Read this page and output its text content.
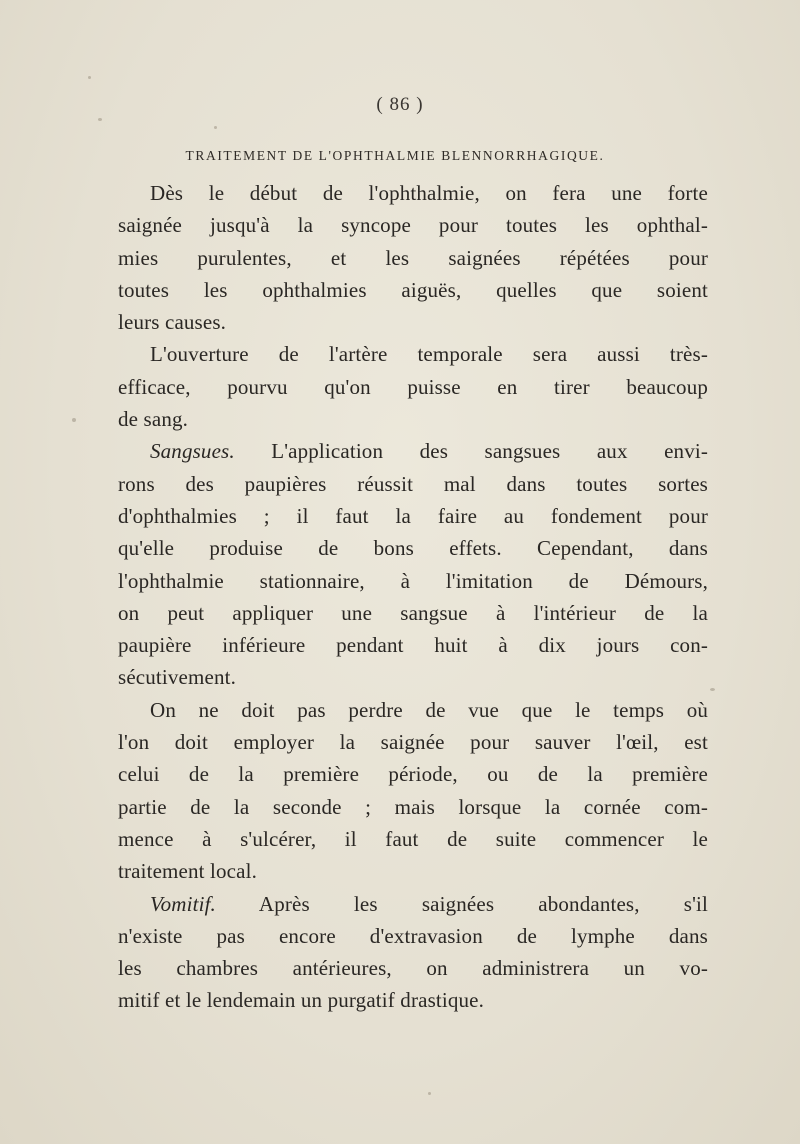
( 86 )
TRAITEMENT DE L'OPHTHALMIE BLENNORRHAGIQUE.
Dès le début de l'ophthalmie, on fera une forte
saignée jusqu'à la syncope pour toutes les ophthal-
mies purulentes, et les saignées répétées pour
toutes les ophthalmies aiguës, quelles que soient
leurs causes.
L'ouverture de l'artère temporale sera aussi très-
efficace, pourvu qu'on puisse en tirer beaucoup
de sang.
Sangsues. L'application des sangsues aux envi-
rons des paupières réussit mal dans toutes sortes
d'ophthalmies ; il faut la faire au fondement pour
qu'elle produise de bons effets. Cependant, dans
l'ophthalmie stationnaire, à l'imitation de Démours,
on peut appliquer une sangsue à l'intérieur de la
paupière inférieure pendant huit à dix jours con-
sécutivement.
On ne doit pas perdre de vue que le temps où
l'on doit employer la saignée pour sauver l'œil, est
celui de la première période, ou de la première
partie de la seconde ; mais lorsque la cornée com-
mence à s'ulcérer, il faut de suite commencer le
traitement local.
Vomitif. Après les saignées abondantes, s'il
n'existe pas encore d'extravasion de lymphe dans
les chambres antérieures, on administrera un vo-
mitif et le lendemain un purgatif drastique.
